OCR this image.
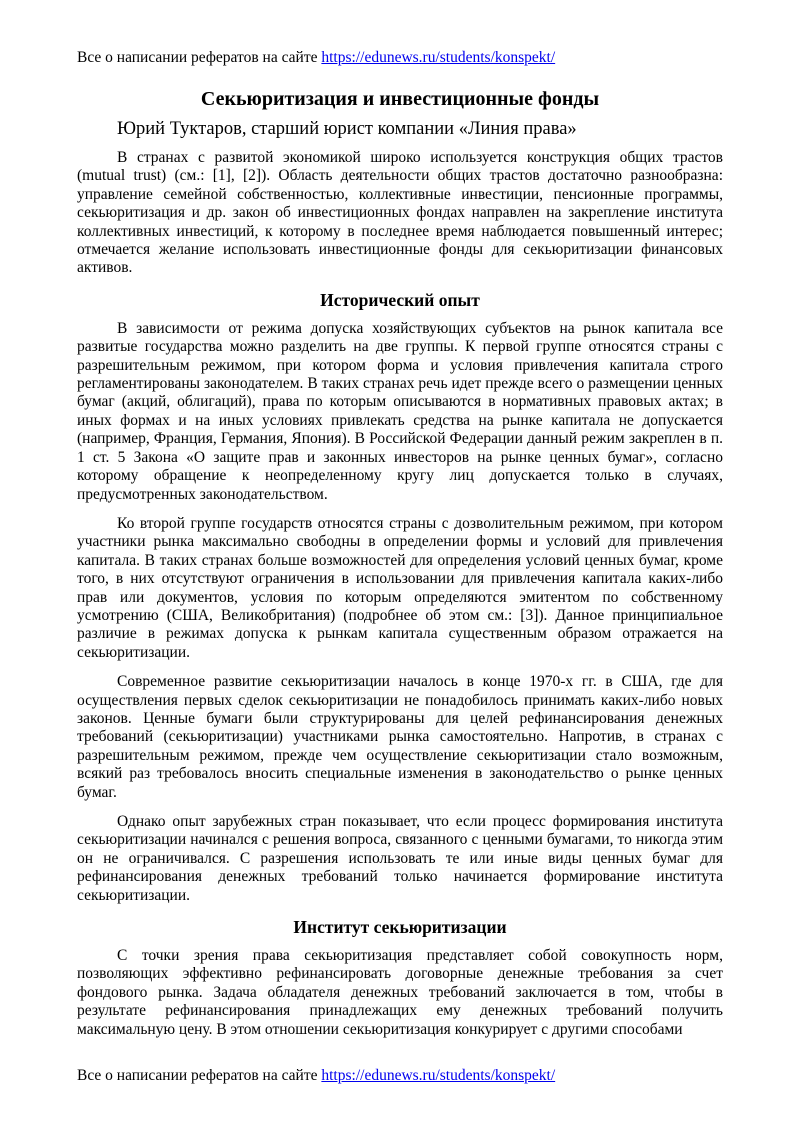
Все о написании рефератов на сайте https://edunews.ru/students/konspekt/
Секьюритизация и инвестиционные фонды
Юрий Туктаров, старший юрист компании «Линия права»

В странах с развитой экономикой широко используется конструкция общих трастов (mutual trust) (см.: [1], [2]). Область деятельности общих трастов достаточно разнообразна: управление семейной собственностью, коллективные инвестиции, пенсионные программы, секьюритизация и др. закон об инвестиционных фондах направлен на закрепление института коллективных инвестиций, к которому в последнее время наблюдается повышенный интерес; отмечается желание использовать инвестиционные фонды для секьюритизации финансовых активов.

Исторический опыт

В зависимости от режима допуска хозяйствующих субъектов на рынок капитала все развитые государства можно разделить на две группы. К первой группе относятся страны с разрешительным режимом, при котором форма и условия привлечения капитала строго регламентированы законодателем. В таких странах речь идет прежде всего о размещении ценных бумаг (акций, облигаций), права по которым описываются в нормативных правовых актах; в иных формах и на иных условиях привлекать средства на рынке капитала не допускается (например, Франция, Германия, Япония). В Российской Федерации данный режим закреплен в п. 1 ст. 5 Закона «О защите прав и законных инвесторов на рынке ценных бумаг», согласно которому обращение к неопределенному кругу лиц допускается только в случаях, предусмотренных законодательством.

Ко второй группе государств относятся страны с дозволительным режимом, при котором участники рынка максимально свободны в определении формы и условий для привлечения капитала. В таких странах больше возможностей для определения условий ценных бумаг, кроме того, в них отсутствуют ограничения в использовании для привлечения капитала каких-либо прав или документов, условия по которым определяются эмитентом по собственному усмотрению (США, Великобритания) (подробнее об этом см.: [3]). Данное принципиальное различие в режимах допуска к рынкам капитала существенным образом отражается на секьюритизации.

Современное развитие секьюритизации началось в конце 1970-х гг. в США, где для осуществления первых сделок секьюритизации не понадобилось принимать каких-либо новых законов. Ценные бумаги были структурированы для целей рефинансирования денежных требований (секьюритизации) участниками рынка самостоятельно. Напротив, в странах с разрешительным режимом, прежде чем осуществление секьюритизации стало возможным, всякий раз требовалось вносить специальные изменения в законодательство о рынке ценных бумаг.

Однако опыт зарубежных стран показывает, что если процесс формирования института секьюритизации начинался с решения вопроса, связанного с ценными бумагами, то никогда этим он не ограничивался. С разрешения использовать те или иные виды ценных бумаг для рефинансирования денежных требований только начинается формирование института секьюритизации.

Институт секьюритизации

С точки зрения права секьюритизация представляет собой совокупность норм, позволяющих эффективно рефинансировать договорные денежные требования за счет фондового рынка. Задача обладателя денежных требований заключается в том, чтобы в результате рефинансирования принадлежащих ему денежных требований получить максимальную цену. В этом отношении секьюритизация конкурирует с другими способами

Все о написании рефератов на сайте https://edunews.ru/students/konspekt/
